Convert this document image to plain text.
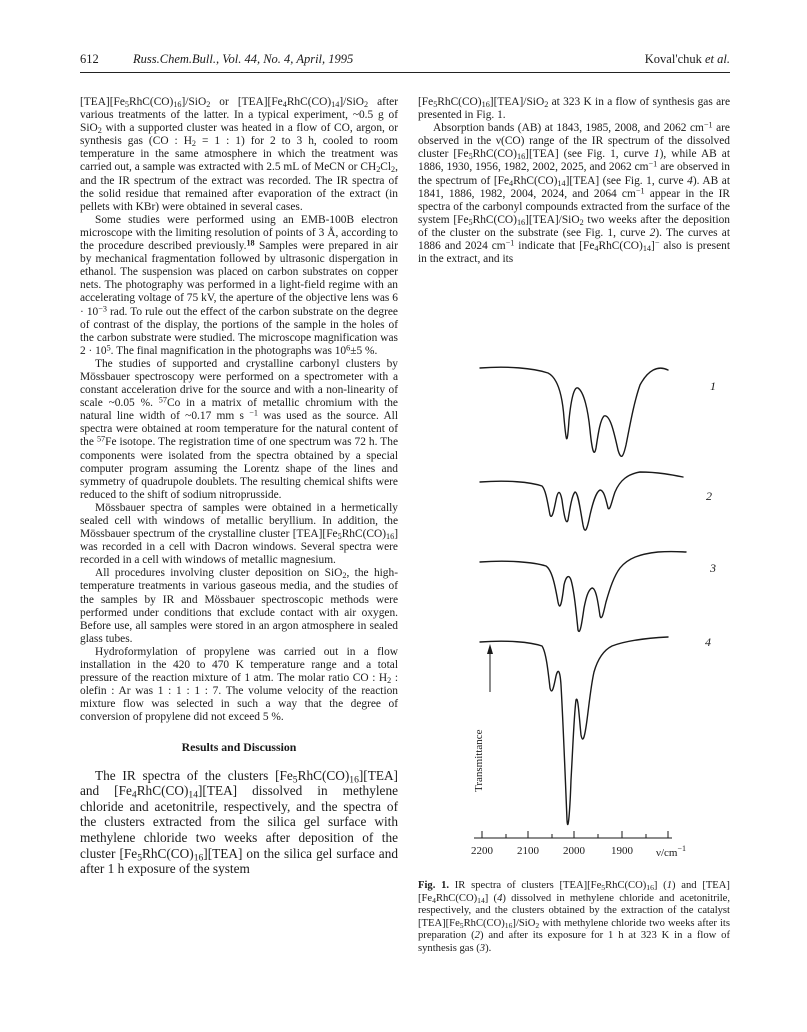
612	Russ.Chem.Bull., Vol. 44, No. 4, April, 1995	Koval'chuk et al.

$[TEA][Fe_5RhC(CO)_{16}]/SiO_2$ or $[TEA][Fe_4RhC(CO)_{14}]/SiO_2$ after various treatments of the latter. In a typical experiment, ~0.5 g of SiO$_2$ with a supported cluster was heated in a flow of CO, argon, or synthesis gas (CO : $H_2 = 1$ : 1) for 2 to 3 h, cooled to room temperature in the same atmosphere in which the treatment was carried out, a sample was extracted with 2.5 mL of MeCN or $CH_2Cl_2$, and the IR spectrum of the extract was recorded. The IR spectra of the solid residue that remained after evaporation of the extract (in pellets with KBr) were obtained in several cases.

Some studies were performed using an EMB-100B electron microscope with the limiting resolution of points of 3 Å, according to the procedure described previously.$^{18}$ Samples were prepared in air by mechanical fragmentation followed by ultrasonic dispergation in ethanol. The suspension was placed on carbon substrates on copper nets. The photography was performed in a light-field regime with an accelerating voltage of 75 kV, the aperture of the objective lens was $6 \cdot 10^{-3}$ rad. To rule out the effect of the carbon substrate on the degree of contrast of the display, the portions of the sample in the holes of the carbon substrate were studied. The microscope magnification was $2 \cdot 10^5$. The final magnification in the photographs was $10^6\pm 5$ %.

The studies of supported and crystalline carbonyl clusters by Mössbauer spectroscopy were performed on a spectrometer with a constant acceleration drive for the source and with a non-linearity of scale ~0.05 %. $^{57}$Co in a matrix of metallic chromium with the natural line width of ~0.17 mm s $^{-1}$ was used as the source. All spectra were obtained at room temperature for the natural content of the $^{57}$Fe isotope. The registration time of one spectrum was 72 h. The components were isolated from the spectra obtained by a special computer program assuming the Lorentz shape of the lines and symmetry of quadrupole doublets. The resulting chemical shifts were reduced to the shift of sodium nitroprusside.

Mössbauer spectra of samples were obtained in a hermetically sealed cell with windows of metallic beryllium. In addition, the Mössbauer spectrum of the crystalline cluster $[TEA][Fe_5RhC(CO)_{16}]$ was recorded in a cell with Dacron windows. Several spectra were recorded in a cell with windows of metallic magnesium.

All procedures involving cluster deposition on SiO$_2$, the high-temperature treatments in various gaseous media, and the studies of the samples by IR and Mössbauer spectroscopic methods were performed under conditions that exclude contact with air oxygen. Before use, all samples were stored in an argon atmosphere in sealed glass tubes.

Hydroformylation of propylene was carried out in a flow installation in the 420 to 470 K temperature range and a total pressure of the reaction mixture of 1 atm. The molar ratio CO : $H_2$ : olefin : Ar was 1 : 1 : 1 : 7. The volume velocity of the reaction mixture flow was selected in such a way that the degree of conversion of propylene did not exceed 5 %.

Results and Discussion

The IR spectra of the clusters $[Fe_5RhC(CO)_{16}][TEA]$ and $[Fe_4RhC(CO)_{14}][TEA]$ dissolved in methylene chloride and acetonitrile, respectively, and the spectra of the clusters extracted from the silica gel surface with methylene chloride two weeks after deposition of the cluster $[Fe_5RhC(CO)_{16}][TEA]$ on the silica gel surface and after 1 h exposure of the system

$[Fe_5RhC(CO)_{16}][TEA]/SiO_2$ at 323 K in a flow of synthesis gas are presented in Fig. 1.

Absorption bands (AB) at 1843, 1985, 2008, and 2062 $cm^{-1}$ are observed in the ν(CO) range of the IR spectrum of the dissolved cluster $[Fe_5RhC(CO)_{16}][TEA]$ (see Fig. 1, curve 1), while AB at 1886, 1930, 1956, 1982, 2002, 2025, and 2062 $cm^{-1}$ are observed in the spectrum of $[Fe_4RhC(CO)_{14}][TEA]$ (see Fig. 1, curve 4). AB at 1841, 1886, 1982, 2004, 2024, and 2064 $cm^{-1}$ appear in the IR spectra of the carbonyl compounds extracted from the surface of the system $[Fe_5RhC(CO)_{16}][TEA]/SiO_2$ two weeks after the deposition of the cluster on the substrate (see Fig. 1, curve 2). The curves at 1886 and 2024 $cm^{-1}$ indicate that $[Fe_4RhC(CO)_{14}]^-$ also is present in the extract, and its

1
2
3
4
Transmittance
2200 2100 2000 1900 $\nu/cm^{-1}$
Fig. 1. IR spectra of clusters $[TEA][Fe_5RhC(CO)_{16}]$ (1) and $[TEA][Fe_4RhC(CO)_{14}]$ (4) dissolved in methylene chloride and acetonitrile, respectively, and the clusters obtained by the extraction of the catalyst $[TEA][Fe_5RhC(CO)_{16}]/SiO_2$ with methylene chloride two weeks after its preparation (2) and after its exposure for 1 h at 323 K in a flow of synthesis gas (3).
